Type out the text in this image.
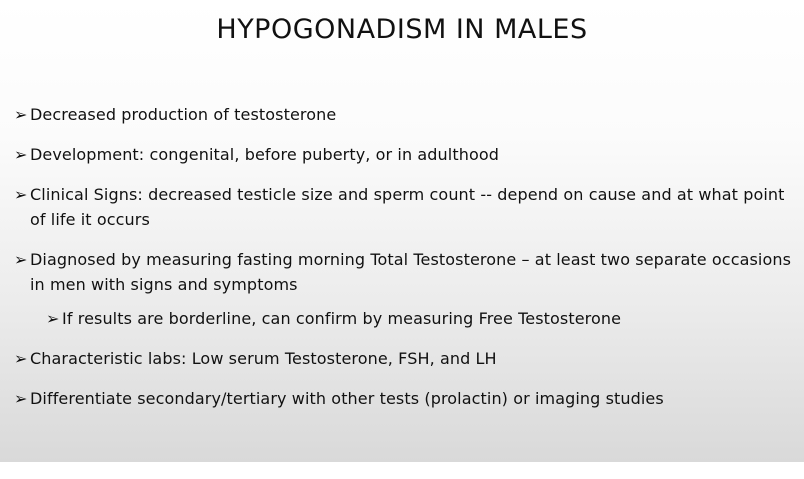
HYPOGONADISM IN MALES
➢ Decreased production of testosterone
➢ Development: congenital, before puberty, or in adulthood
➢ Clinical Signs: decreased testicle size and sperm count -- depend on cause and at what point of life it occurs
➢ Diagnosed by measuring fasting morning Total Testosterone – at least two separate occasions in men with signs and symptoms
➢ If results are borderline, can confirm by measuring Free Testosterone
➢ Characteristic labs: Low serum Testosterone, FSH, and LH
➢ Differentiate secondary/tertiary with other tests (prolactin) or imaging studies
